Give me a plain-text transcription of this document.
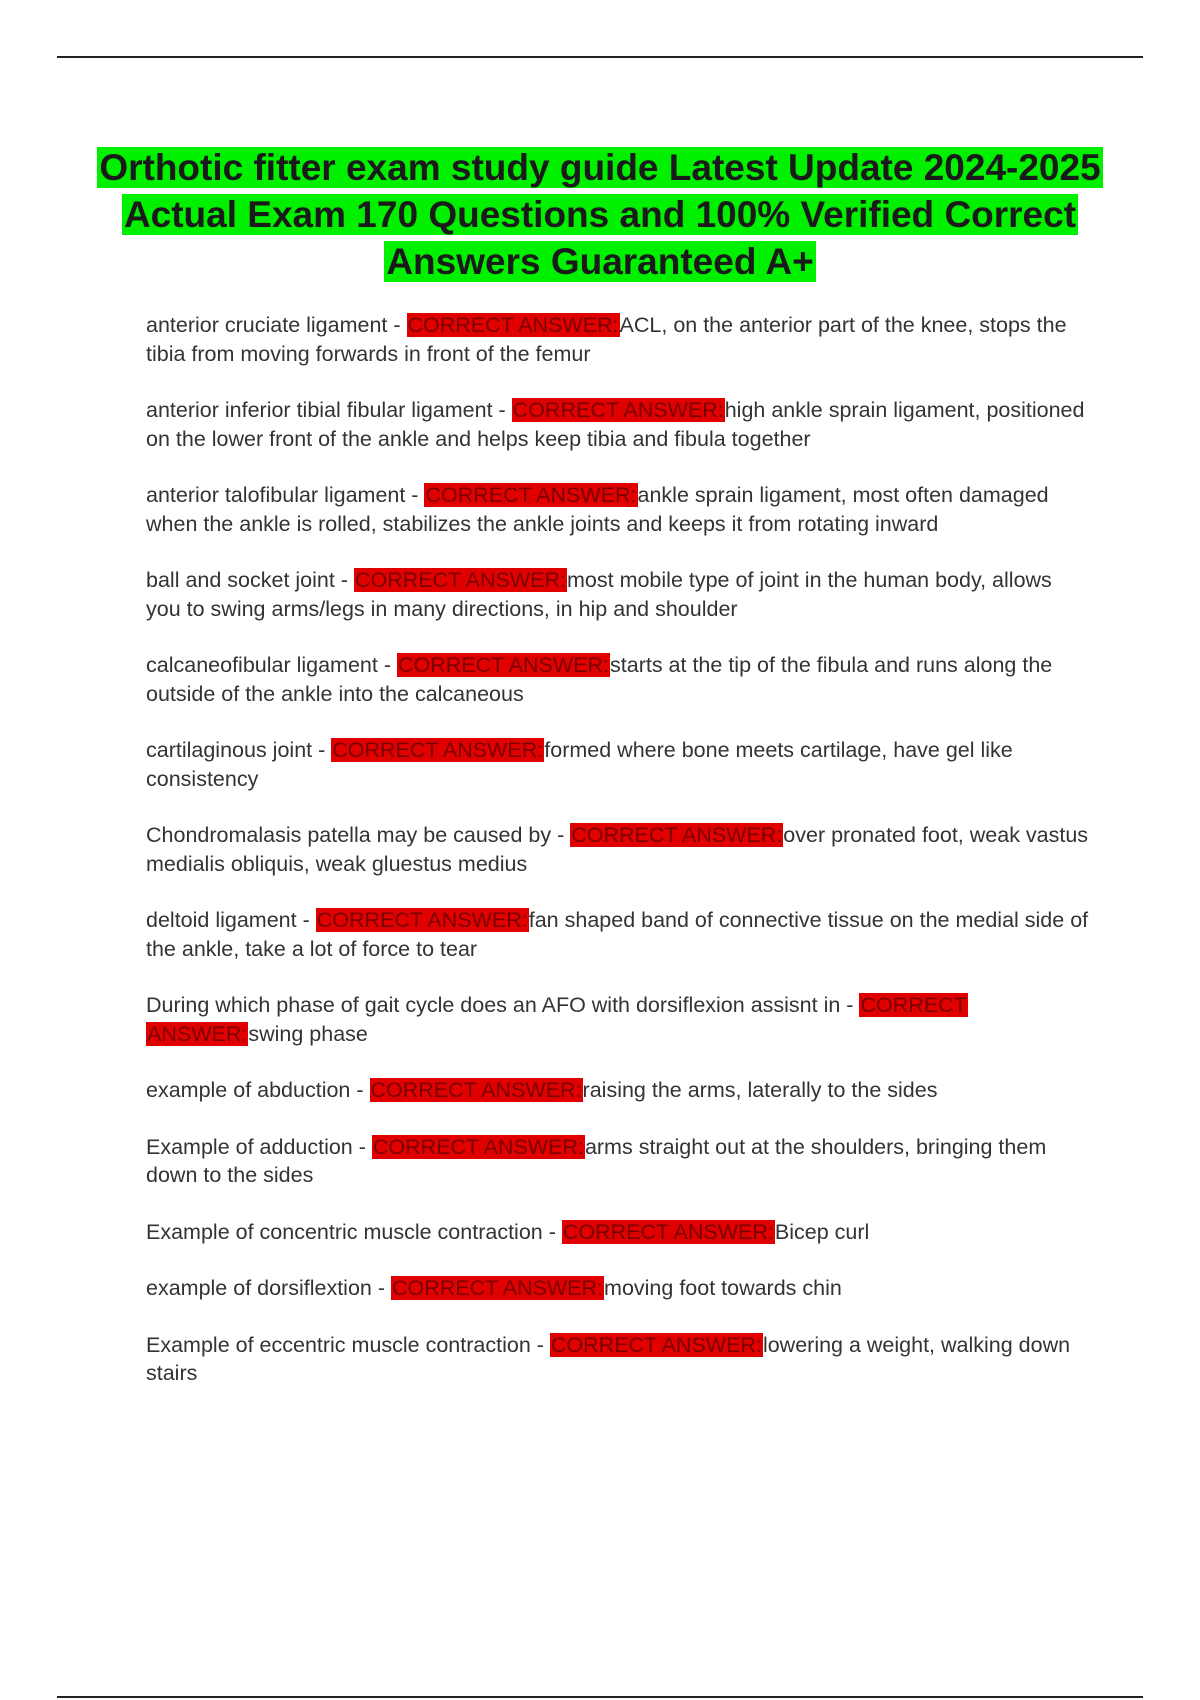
Orthotic fitter exam study guide Latest Update 2024-2025 Actual Exam 170 Questions and 100% Verified Correct Answers Guaranteed A+

anterior cruciate ligament - CORRECT ANSWER:ACL, on the anterior part of the knee, stops the tibia from moving forwards in front of the femur

anterior inferior tibial fibular ligament - CORRECT ANSWER:high ankle sprain ligament, positioned on the lower front of the ankle and helps keep tibia and fibula together

anterior talofibular ligament - CORRECT ANSWER:ankle sprain ligament, most often damaged when the ankle is rolled, stabilizes the ankle joints and keeps it from rotating inward

ball and socket joint - CORRECT ANSWER:most mobile type of joint in the human body, allows you to swing arms/legs in many directions, in hip and shoulder

calcaneofibular ligament - CORRECT ANSWER:starts at the tip of the fibula and runs along the outside of the ankle into the calcaneous

cartilaginous joint - CORRECT ANSWER:formed where bone meets cartilage, have gel like consistency

Chondromalasis patella may be caused by - CORRECT ANSWER:over pronated foot, weak vastus medialis obliquis, weak gluestus medius

deltoid ligament - CORRECT ANSWER:fan shaped band of connective tissue on the medial side of the ankle, take a lot of force to tear

During which phase of gait cycle does an AFO with dorsiflexion assisnt in - CORRECT ANSWER:swing phase

example of abduction - CORRECT ANSWER:raising the arms, laterally to the sides

Example of adduction - CORRECT ANSWER:arms straight out at the shoulders, bringing them down to the sides

Example of concentric muscle contraction - CORRECT ANSWER:Bicep curl

example of dorsiflextion - CORRECT ANSWER:moving foot towards chin

Example of eccentric muscle contraction - CORRECT ANSWER:lowering a weight, walking down stairs
